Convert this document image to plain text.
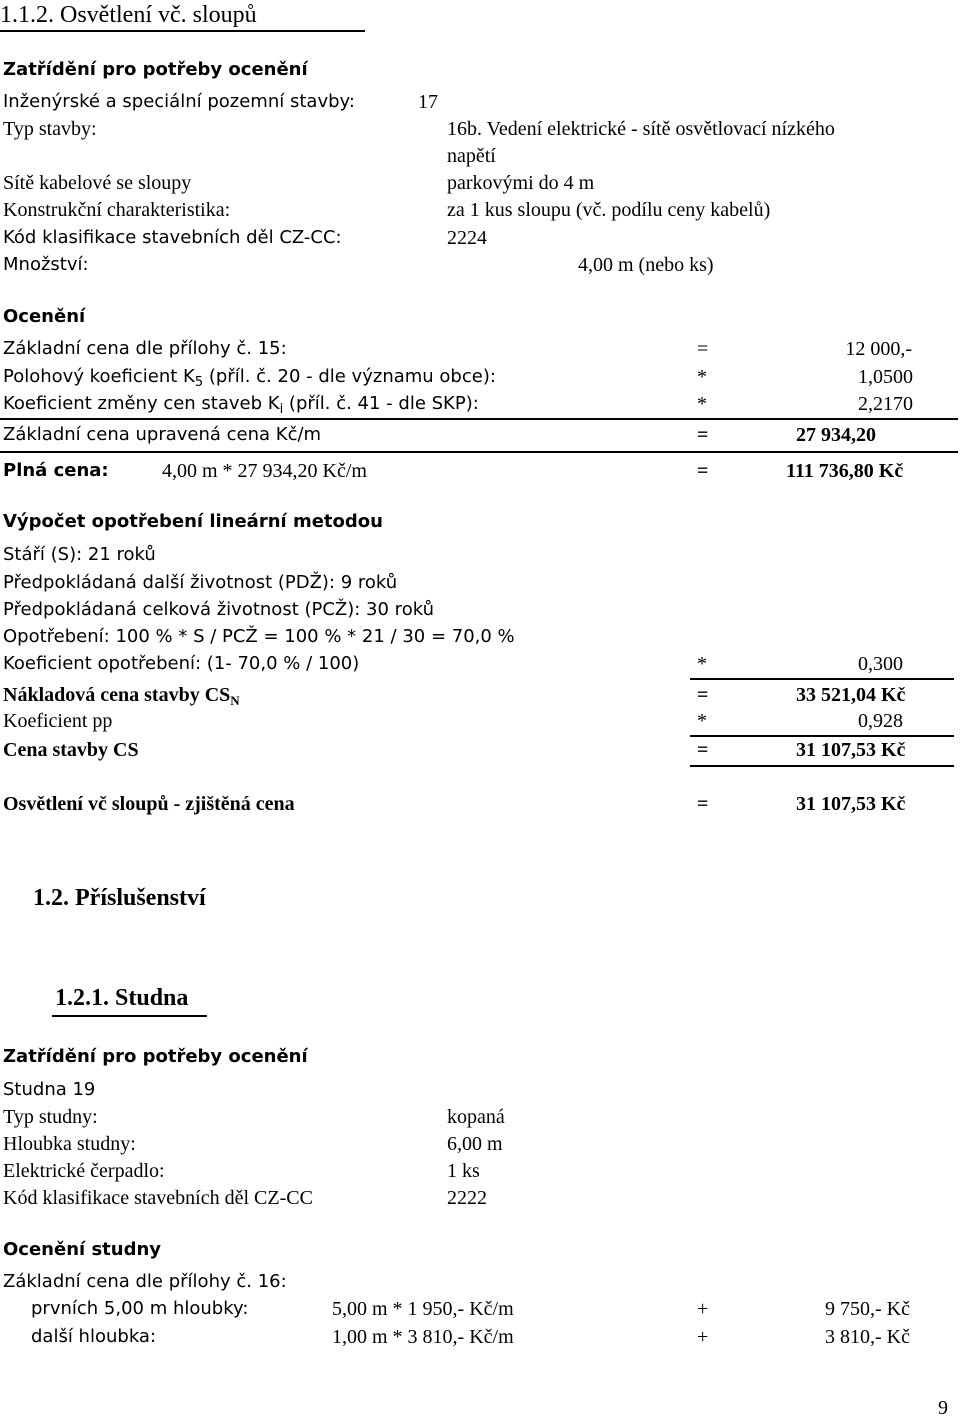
1.1.2. Osvětlení vč. sloupů
Zatřídění pro potřeby ocenění
Inženýrské a speciální pozemní stavby:	17
Typ stavby:	16b. Vedení elektrické - sítě osvětlovací nízkého
napětí
Sítě kabelové se sloupy	parkovými do 4 m
Konstrukční charakteristika:	za 1 kus sloupu (vč. podílu ceny kabelů)
Kód klasifikace stavebních děl CZ-CC:	2224
Množství:	4,00 m (nebo ks)
Ocenění
Základní cena dle přílohy č. 15:	=	12 000,-
Polohový koeficient $K_5$ (příl. č. 20 - dle významu obce):	*	1,0500
Koeficient změny cen staveb $K_i$ (příl. č. 41 - dle SKP):	*	2,2170
Základní cena upravená cena Kč/m	=	27 934,20
Plná cena:	4,00 m * 27 934,20 Kč/m	=	111 736,80 Kč
Výpočet opotřebení lineární metodou
Stáří (S): 21 roků
Předpokládaná další životnost (PDŽ): 9 roků
Předpokládaná celková životnost (PCŽ): 30 roků
Opotřebení: 100 % * S / PCŽ = 100 % * 21 / 30 = 70,0 %
Koeficient opotřebení: (1- 70,0 % / 100)	*	0,300
Nákladová cena stavby $CS_N$	=	33 521,04 Kč
Koeficient pp	*	0,928
Cena stavby CS	=	31 107,53 Kč
Osvětlení vč sloupů - zjištěná cena	=	31 107,53 Kč
1.2. Příslušenství
1.2.1. Studna
Zatřídění pro potřeby ocenění
Studna 19
Typ studny:	kopaná
Hloubka studny:	6,00 m
Elektrické čerpadlo:	1 ks
Kód klasifikace stavebních děl CZ-CC	2222
Ocenění studny
Základní cena dle přílohy č. 16:
prvních 5,00 m hloubky:	5,00 m * 1 950,- Kč/m	+	9 750,- Kč
další hloubka:	1,00 m * 3 810,- Kč/m	+	3 810,- Kč
9
